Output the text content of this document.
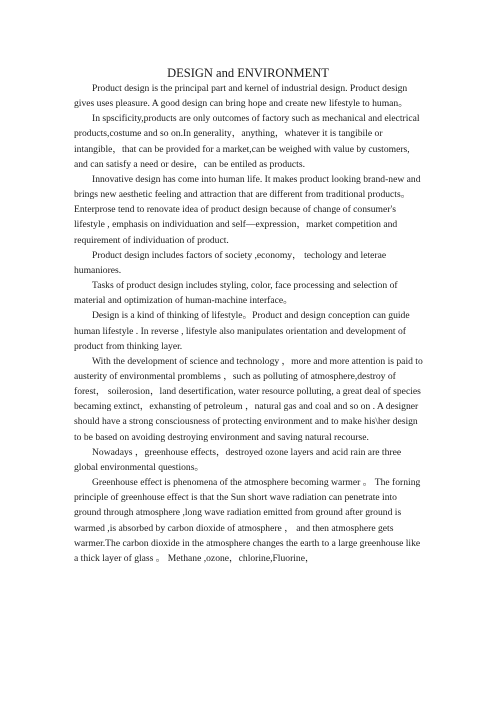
DESIGN and ENVIRONMENT

Product design is the principal part and kernel of industrial design. Product design gives uses pleasure. A good design can bring hope and create new lifestyle to human。

In spscificity,products are only outcomes of factory such as mechanical and electrical products,costume and so on.In generality，anything，whatever it is tangibile or intangible，that can be provided for a market,can be weighed with value by customers, and can satisfy a need or desire，can be entiled as products.

Innovative design has come into human life. It makes product looking brand-new and brings new aesthetic feeling and attraction that are different from traditional products。 Enterprose tend to renovate idea of product design because of change of consumer's lifestyle , emphasis on individuation and self—expression，market competition and requirement of individuation of product.

Product design includes factors of society ,economy， techology and leterae humaniores.

Tasks of product design includes styling, color, face processing and selection of material and optimization of human-machine interface。

Design is a kind of thinking of lifestyle。Product and design conception can guide human lifestyle . In reverse , lifestyle also manipulates orientation and development of product from thinking layer.

With the development of science and technology ，more and more attention is paid to austerity of environmental promblems ，such as polluting of atmosphere,destroy of forest， soilerosion，land desertification, water resource polluting, a great deal of species becaming extinct，exhansting of petroleum ，natural gas and coal and so on . A designer should have a strong consciousness of protecting environment and to make his\her design to be based on avoiding destroying environment and saving natural recourse.

Nowadays ，greenhouse effects，destroyed ozone layers and acid rain are three global environmental questions。

Greenhouse effect is phenomena of the atmosphere becoming warmer 。 The forning principle of greenhouse effect is that the Sun short wave radiation can penetrate into ground through atmosphere ,long wave radiation emitted from ground after ground is warmed ,is absorbed by carbon dioxide of atmosphere ， and then atmosphere gets warmer.The carbon dioxide in the atmosphere changes the earth to a large greenhouse like a thick layer of glass 。 Methane ,ozone，chlorine,Fluorine，
